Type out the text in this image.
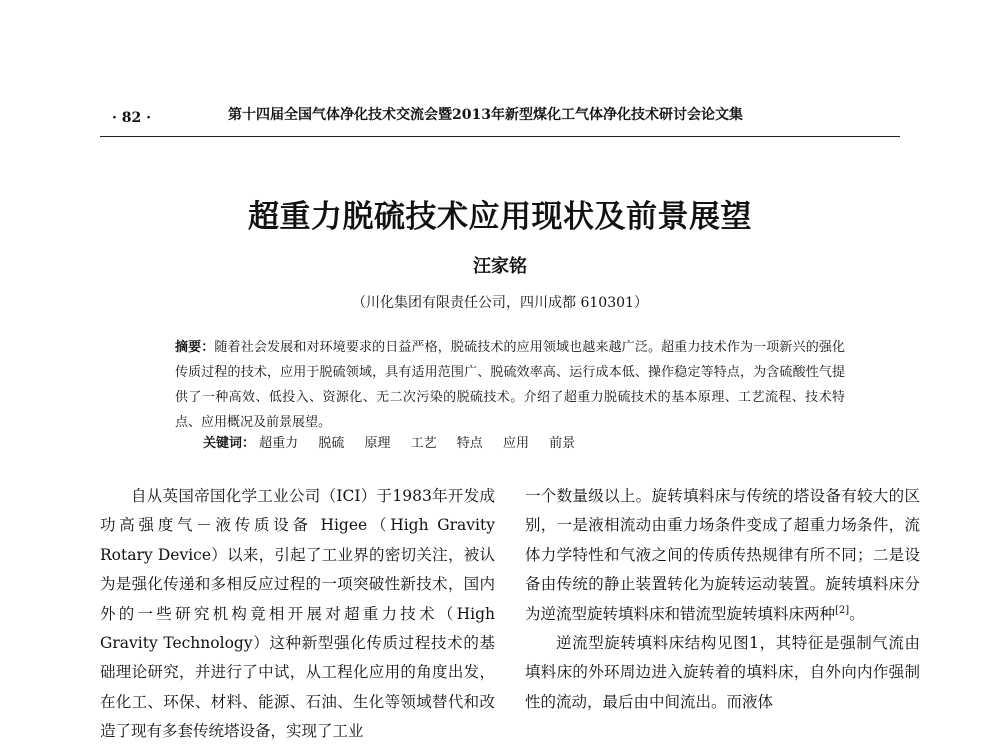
· 82 ·	第十四届全国气体净化技术交流会暨2013年新型煤化工气体净化技术研讨会论文集
超重力脱硫技术应用现状及前景展望
汪家铭
（川化集团有限责任公司，四川成都 610301）

摘要：随着社会发展和对环境要求的日益严格，脱硫技术的应用领域也越来越广泛。超重力技术作为一项新兴的强化传质过程的技术，应用于脱硫领域，具有适用范围广、脱硫效率高、运行成本低、操作稳定等特点，为含硫酸性气提供了一种高效、低投入、资源化、无二次污染的脱硫技术。介绍了超重力脱硫技术的基本原理、工艺流程、技术特点、应用概况及前景展望。

关键词： 超重力 脱硫 原理 工艺 特点 应用 前景

自从英国帝国化学工业公司（ICI）于1983年开发成功高强度气－液传质设备 Higee（High Gravity Rotary Device）以来，引起了工业界的密切关注，被认为是强化传递和多相反应过程的一项突破性新技术，国内外的一些研究机构竟相开展对超重力技术（High Gravity Technology）这种新型强化传质过程技术的基础理论研究，并进行了中试，从工程化应用的角度出发，在化工、环保、材料、能源、石油、生化等领域替代和改造了现有多套传统塔设备，实现了工业

一个数量级以上。旋转填料床与传统的塔设备有较大的区别，一是液相流动由重力场条件变成了超重力场条件，流体力学特性和气液之间的传质传热规律有所不同；二是设备由传统的静止装置转化为旋转运动装置。旋转填料床分为逆流型旋转填料床和错流型旋转填料床两种[2]。

逆流型旋转填料床结构见图1，其特征是强制气流由填料床的外环周边进入旋转着的填料床，自外向内作强制性的流动，最后由中间流出。而液体
